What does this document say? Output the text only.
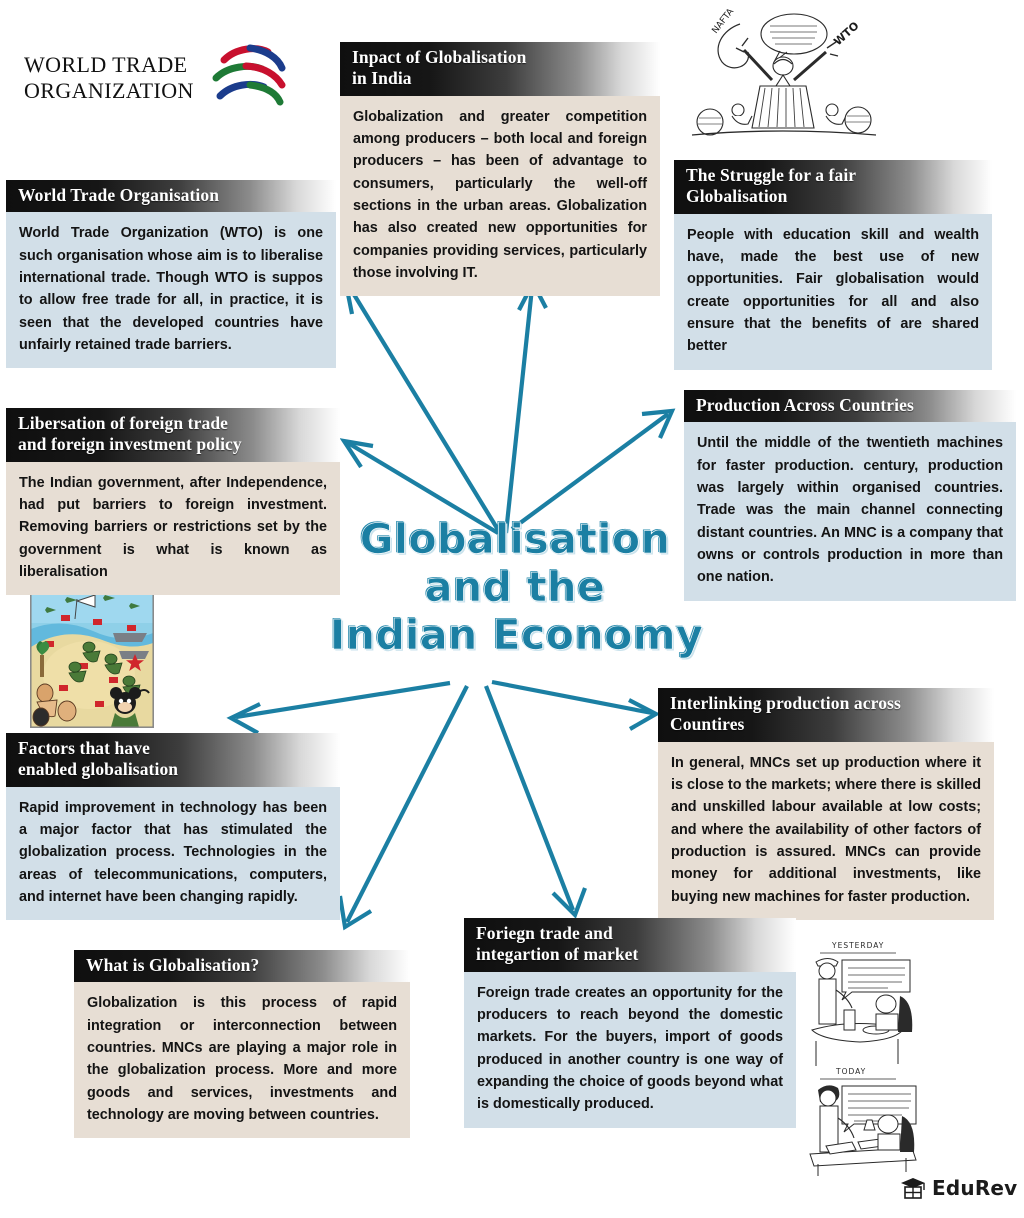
WORLD TRADE
ORGANIZATION
NAFTA	WTO
YESTERDAY
TODAY
EduRev
Globalisation
and the
Indian Economy
Inpact of Globalisation
in India
Globalization and greater competition among producers – both local and foreign producers – has been of advantage to consumers, particularly the well-off sections in the urban areas. Globalization has also created new opportunities for companies providing services, particularly those involving IT.
World Trade Organisation
World Trade Organization (WTO) is one such organisation whose aim is to liberalise international trade. Though WTO is suppos to allow free trade for all, in practice, it is seen that the developed countries have unfairly retained trade barriers.
The Struggle for a fair
Globalisation
People with education skill and wealth have, made the best use of new opportunities. Fair globalisation would create opportunities for all and also ensure that the benefits of are shared better
Libersation of foreign trade
and foreign investment policy
The Indian government, after Independence, had put barriers to foreign investment. Removing barriers or restrictions set by the government is what is known as liberalisation
Production Across Countries
Until the middle of the twentieth machines for faster production. century, production was largely within organised countries. Trade was the main channel connecting distant countries. An MNC is a company that owns or controls production in more than one nation.
Factors that have
enabled globalisation
Rapid improvement in technology has been a major factor that has stimulated the globalization process. Technologies in the areas of telecommunications, computers, and internet have been changing rapidly.
Interlinking production across
Countires
In general, MNCs set up production where it is close to the markets; where there is skilled and unskilled labour available at low costs; and where the availability of other factors of production is assured. MNCs can provide money for additional investments, like buying new machines for faster production.
What is Globalisation?
Globalization is this process of rapid integration or interconnection between countries. MNCs are playing a major role in the globalization process. More and more goods and services, investments and technology are moving between countries.
Foriegn trade and
integartion of market
Foreign trade creates an opportunity for the producers to reach beyond the domestic markets. For the buyers, import of goods produced in another country is one way of expanding the choice of goods beyond what is domestically produced.
